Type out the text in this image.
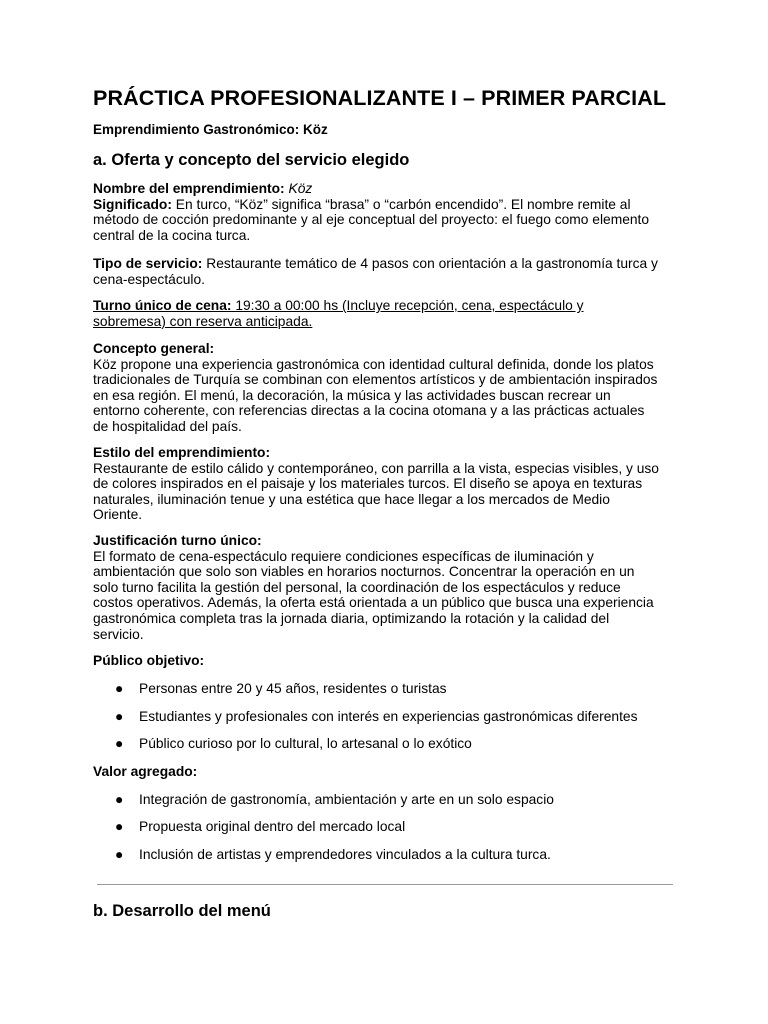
PRÁCTICA PROFESIONALIZANTE I – PRIMER PARCIAL
Emprendimiento Gastronómico: Köz
a. Oferta y concepto del servicio elegido
Nombre del emprendimiento: Köz
Significado: En turco, “Köz” significa “brasa” o “carbón encendido”. El nombre remite al
método de cocción predominante y al eje conceptual del proyecto: el fuego como elemento
central de la cocina turca.
Tipo de servicio: Restaurante temático de 4 pasos con orientación a la gastronomía turca y
cena-espectáculo.
Turno único de cena: 19:30 a 00:00 hs (Incluye recepción, cena, espectáculo y
sobremesa) con reserva anticipada.
Concepto general:
Köz propone una experiencia gastronómica con identidad cultural definida, donde los platos
tradicionales de Turquía se combinan con elementos artísticos y de ambientación inspirados
en esa región. El menú, la decoración, la música y las actividades buscan recrear un
entorno coherente, con referencias directas a la cocina otomana y a las prácticas actuales
de hospitalidad del país.
Estilo del emprendimiento:
Restaurante de estilo cálido y contemporáneo, con parrilla a la vista, especias visibles, y uso
de colores inspirados en el paisaje y los materiales turcos. El diseño se apoya en texturas
naturales, iluminación tenue y una estética que hace llegar a los mercados de Medio
Oriente.
Justificación turno único:
El formato de cena-espectáculo requiere condiciones específicas de iluminación y
ambientación que solo son viables en horarios nocturnos. Concentrar la operación en un
solo turno facilita la gestión del personal, la coordinación de los espectáculos y reduce
costos operativos. Además, la oferta está orientada a un público que busca una experiencia
gastronómica completa tras la jornada diaria, optimizando la rotación y la calidad del
servicio.
Público objetivo:
● Personas entre 20 y 45 años, residentes o turistas
● Estudiantes y profesionales con interés en experiencias gastronómicas diferentes
● Público curioso por lo cultural, lo artesanal o lo exótico
Valor agregado:
● Integración de gastronomía, ambientación y arte en un solo espacio
● Propuesta original dentro del mercado local
● Inclusión de artistas y emprendedores vinculados a la cultura turca.
b. Desarrollo del menú
